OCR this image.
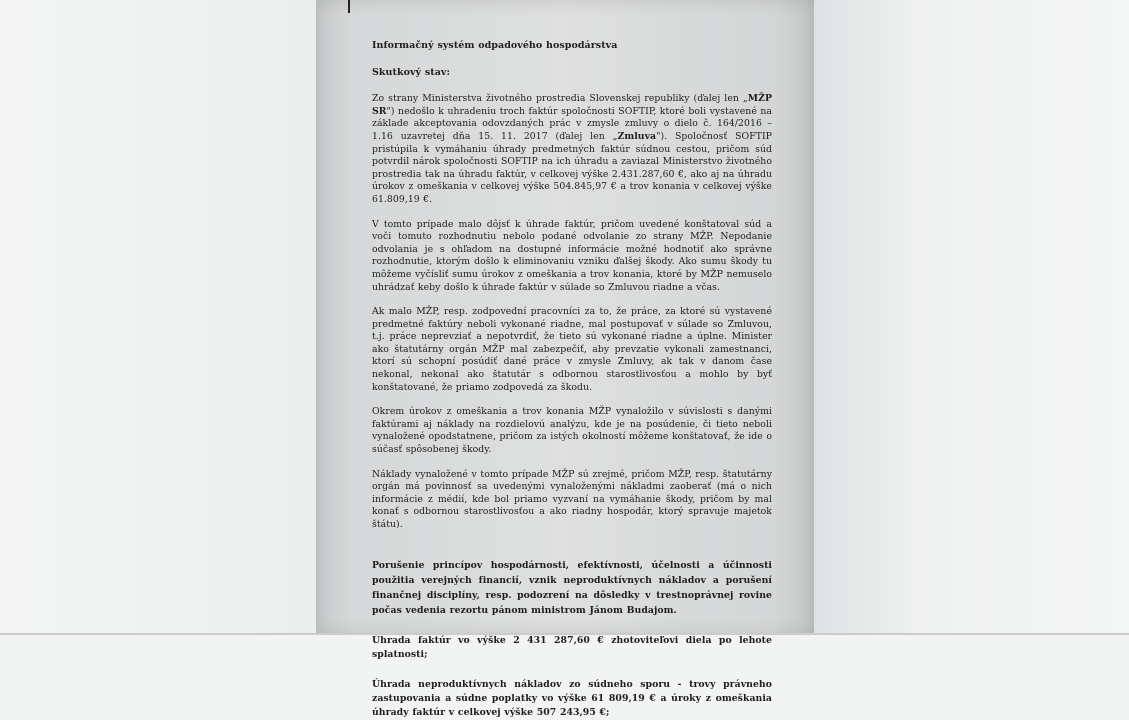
Informačný systém odpadového hospodárstva
Skutkový stav:

Zo strany Ministerstva životného prostredia Slovenskej republiky (ďalej len „MŽP SR") nedošlo k uhradeniu troch faktúr spoločnosti SOFTIP, ktoré boli vystavené na základe akceptovania odovzdaných prác v zmysle zmluvy o dielo č. 164/2016 – 1.16 uzavretej dňa 15. 11. 2017 (ďalej len „Zmluva"). Spoločnosť SOFTIP pristúpila k vymáhaniu úhrady predmetných faktúr súdnou cestou, pričom súd potvrdil nárok spoločnosti SOFTIP na ich úhradu a zaviazal Ministerstvo životného prostredia tak na úhradu faktúr, v celkovej výške 2.431.287,60 €, ako aj na úhradu úrokov z omeškania v celkovej výške 504.845,97 € a trov konania v celkovej výške 61.809,19 €.

V tomto prípade malo dôjsť k úhrade faktúr, pričom uvedené konštatoval súd a voči tomuto rozhodnutiu nebolo podané odvolanie zo strany MŽP. Nepodanie odvolania je s ohľadom na dostupné informácie možné hodnotiť ako správne rozhodnutie, ktorým došlo k eliminovaniu vzniku ďalšej škody. Ako sumu škody tu môžeme vyčísliť sumu úrokov z omeškania a trov konania, ktoré by MŽP nemuselo uhrádzať keby došlo k úhrade faktúr v súlade so Zmluvou riadne a včas.

Ak malo MŽP, resp. zodpovední pracovníci za to, že práce, za ktoré sú vystavené predmetné faktúry neboli vykonané riadne, mal postupovať v súlade so Zmluvou, t.j. práce neprevziať a nepotvrdiť, že tieto sú vykonané riadne a úplne. Minister ako štatutárny orgán MŽP mal zabezpečiť, aby prevzatie vykonali zamestnanci, ktorí sú schopní posúdiť dané práce v zmysle Zmluvy, ak tak v danom čase nekonal, nekonal ako štatutár s odbornou starostlivosťou a mohlo by byť konštatované, že priamo zodpovedá za škodu.

Okrem úrokov z omeškania a trov konania MŽP vynaložilo v súvislosti s danými faktúrami aj náklady na rozdielovú analýzu, kde je na posúdenie, či tieto neboli vynaložené opodstatnene, pričom za istých okolností môžeme konštatovať, že ide o súčasť spôsobenej škody.

Náklady vynaložené v tomto prípade MŽP sú zrejmé, pričom MŽP, resp. štatutárny orgán má povinnosť sa uvedenými vynaloženými nákladmi zaoberať (má o nich informácie z médií, kde bol priamo vyzvaní na vymáhanie škody, pričom by mal konať s odbornou starostlivosťou a ako riadny hospodár, ktorý spravuje majetok štátu).

Porušenie princípov hospodárnosti, efektívnosti, účelnosti a účinnosti použitia verejných financií, vznik neproduktívnych nákladov a porušení finančnej disciplíny, resp. podozrení na dôsledky v trestnoprávnej rovine počas vedenia rezortu pánom ministrom Jánom Budajom.
Úhrada faktúr vo výške 2 431 287,60 € zhotoviteľovi diela po lehote splatnosti;
Úhrada neproduktívnych nákladov zo súdneho sporu - trovy právneho zastupovania a súdne poplatky vo výške 61 809,19 € a úroky z omeškania úhrady faktúr v celkovej výške 507 243,95 €;
